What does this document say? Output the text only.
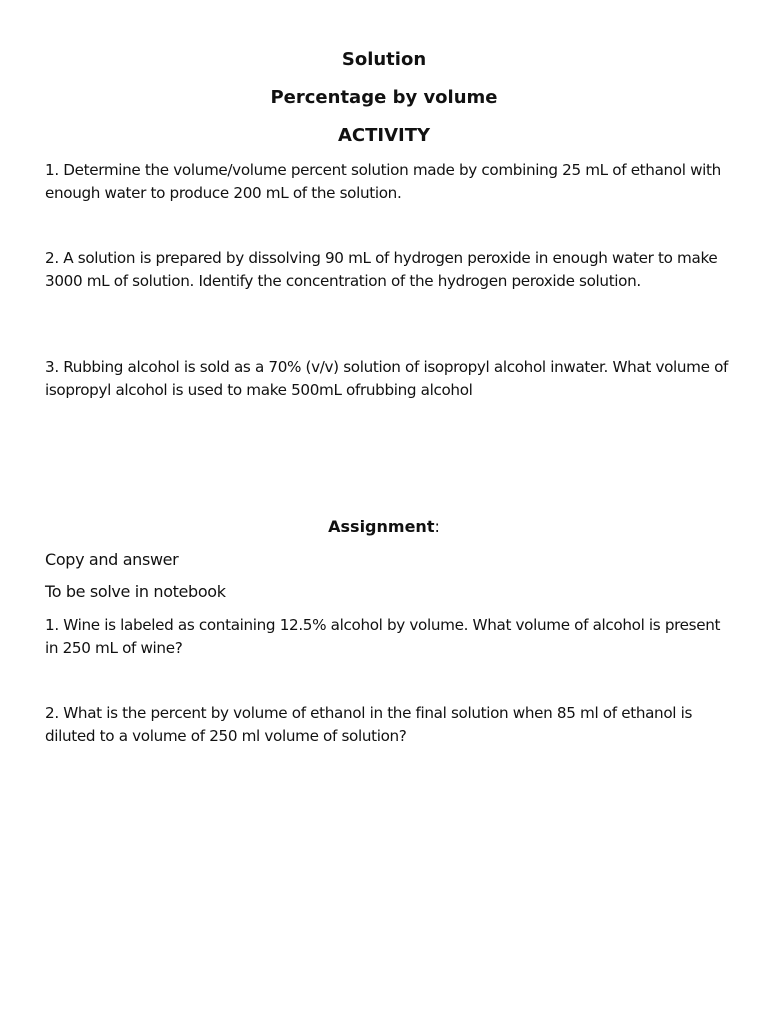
Solution
Percentage by volume
ACTIVITY

1. Determine the volume/volume percent solution made by combining 25 mL of ethanol with enough water to produce 200 mL of the solution.

2. A solution is prepared by dissolving 90 mL of hydrogen peroxide in enough water to make 3000 mL of solution. Identify the concentration of the hydrogen peroxide solution.

3. Rubbing alcohol is sold as a 70% (v/v) solution of isopropyl alcohol inwater. What volume of isopropyl alcohol is used to make 500mL ofrubbing alcohol

Assignment:

Copy and answer

To be solve in notebook

1. Wine is labeled as containing 12.5% alcohol by volume. What volume of alcohol is present in 250 mL of wine?

2. What is the percent by volume of ethanol in the final solution when 85 ml of ethanol is diluted to a volume of 250 ml volume of solution?
